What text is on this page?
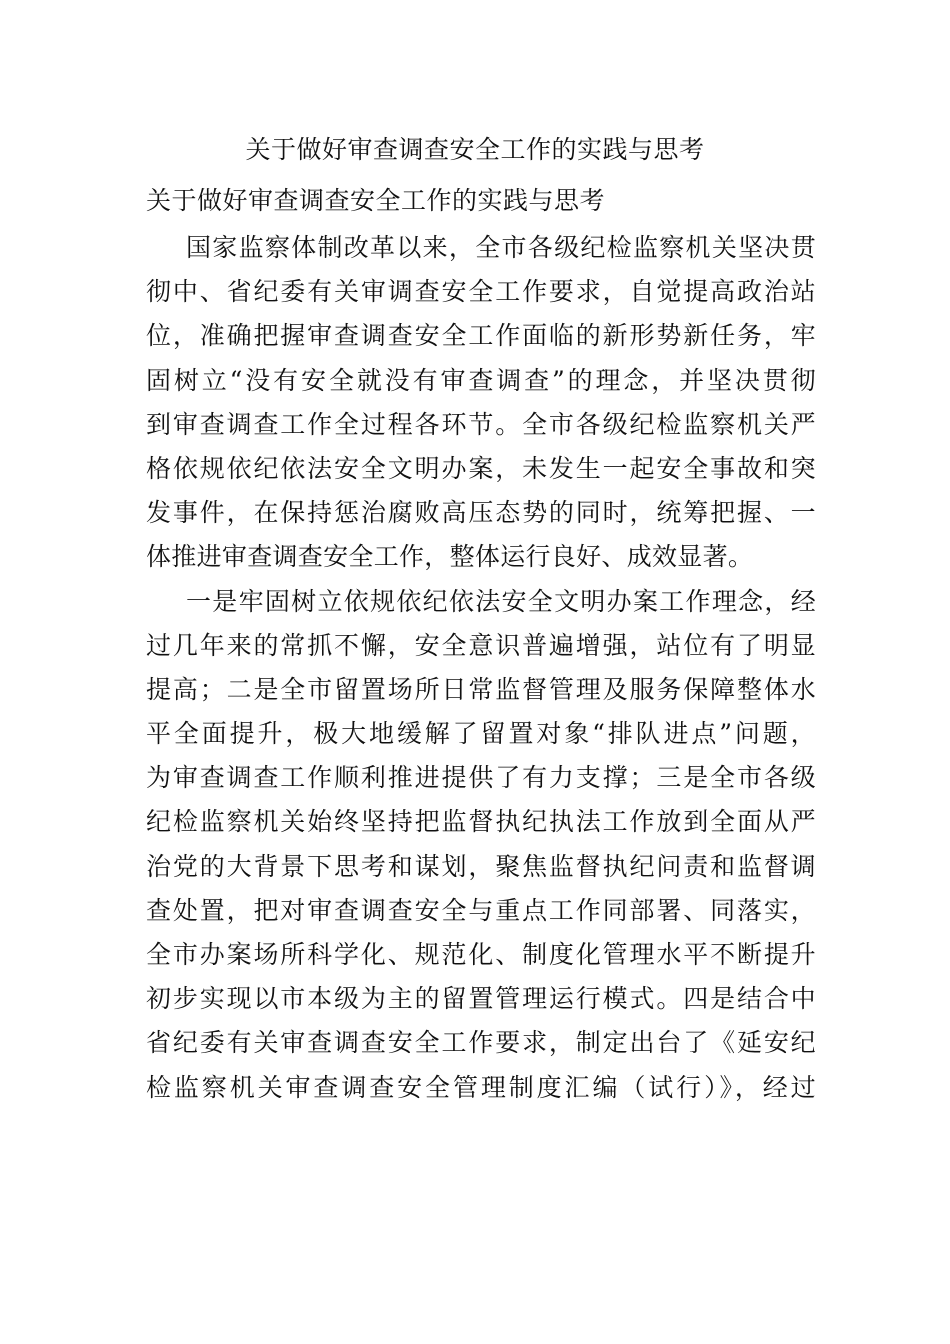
关于做好审查调查安全工作的实践与思考
关于做好审查调查安全工作的实践与思考
国家监察体制改革以来，全市各级纪检监察机关坚决贯
彻中、省纪委有关审调查安全工作要求，自觉提高政治站
位，准确把握审查调查安全工作面临的新形势新任务，牢
固树立“没有安全就没有审查调查”的理念，并坚决贯彻
到审查调查工作全过程各环节。全市各级纪检监察机关严
格依规依纪依法安全文明办案，未发生一起安全事故和突
发事件，在保持惩治腐败高压态势的同时，统筹把握、一
体推进审查调查安全工作，整体运行良好、成效显著。
一是牢固树立依规依纪依法安全文明办案工作理念，经
过几年来的常抓不懈，安全意识普遍增强，站位有了明显
提高；二是全市留置场所日常监督管理及服务保障整体水
平全面提升，极大地缓解了留置对象“排队进点”问题，
为审查调查工作顺利推进提供了有力支撑；三是全市各级
纪检监察机关始终坚持把监督执纪执法工作放到全面从严
治党的大背景下思考和谋划，聚焦监督执纪问责和监督调
查处置，把对审查调查安全与重点工作同部署、同落实，
全市办案场所科学化、规范化、制度化管理水平不断提升
初步实现以市本级为主的留置管理运行模式。四是结合中
省纪委有关审查调查安全工作要求，制定出台了《延安纪
检监察机关审查调查安全管理制度汇编（试行）》，经过
